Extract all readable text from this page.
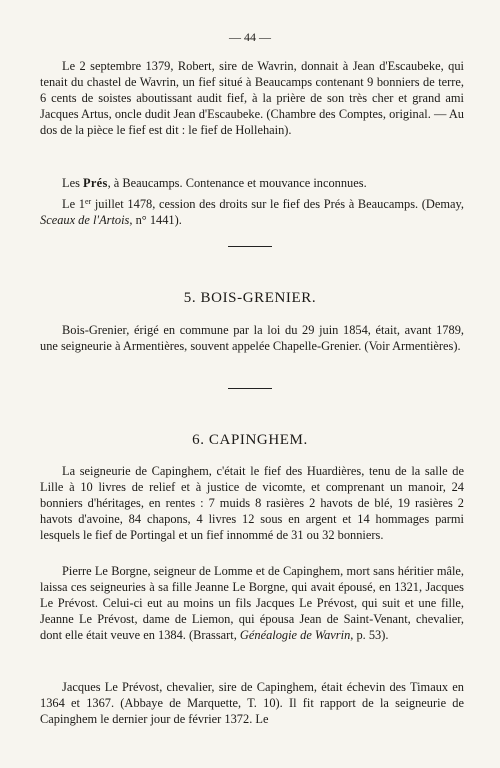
— 44 —

Le 2 septembre 1379, Robert, sire de Wavrin, donnait à Jean d'Escaubeke, qui tenait du chastel de Wavrin, un fief situé à Beaucamps contenant 9 bonniers de terre, 6 cents de soistes aboutissant audit fief, à la prière de son très cher et grand ami Jacques Artus, oncle dudit Jean d'Escaubeke. (Chambre des Comptes, original. — Au dos de la pièce le fief est dit : le fief de Hollehain).

Les Prés, à Beaucamps. Contenance et mouvance inconnues.

Le 1er juillet 1478, cession des droits sur le fief des Prés à Beaucamps. (Demay, Sceaux de l'Artois, n° 1441).

5. BOIS-GRENIER.

Bois-Grenier, érigé en commune par la loi du 29 juin 1854, était, avant 1789, une seigneurie à Armentières, souvent appelée Chapelle-Grenier. (Voir Armentières).

6. CAPINGHEM.

La seigneurie de Capinghem, c'était le fief des Huardières, tenu de la salle de Lille à 10 livres de relief et à justice de vicomte, et comprenant un manoir, 24 bonniers d'héritages, en rentes : 7 muids 8 rasières 2 havots de blé, 19 rasières 2 havots d'avoine, 84 chapons, 4 livres 12 sous en argent et 14 hommages parmi lesquels le fief de Portingal et un fief innommé de 31 ou 32 bonniers.

Pierre Le Borgne, seigneur de Lomme et de Capinghem, mort sans héritier mâle, laissa ces seigneuries à sa fille Jeanne Le Borgne, qui avait épousé, en 1321, Jacques Le Prévost. Celui-ci eut au moins un fils Jacques Le Prévost, qui suit et une fille, Jeanne Le Prévost, dame de Liemon, qui épousa Jean de Saint-Venant, chevalier, dont elle était veuve en 1384. (Brassart, Généalogie de Wavrin, p. 53).

Jacques Le Prévost, chevalier, sire de Capinghem, était échevin des Timaux en 1364 et 1367. (Abbaye de Marquette, T. 10). Il fit rapport de la seigneurie de Capinghem le dernier jour de février 1372. Le
